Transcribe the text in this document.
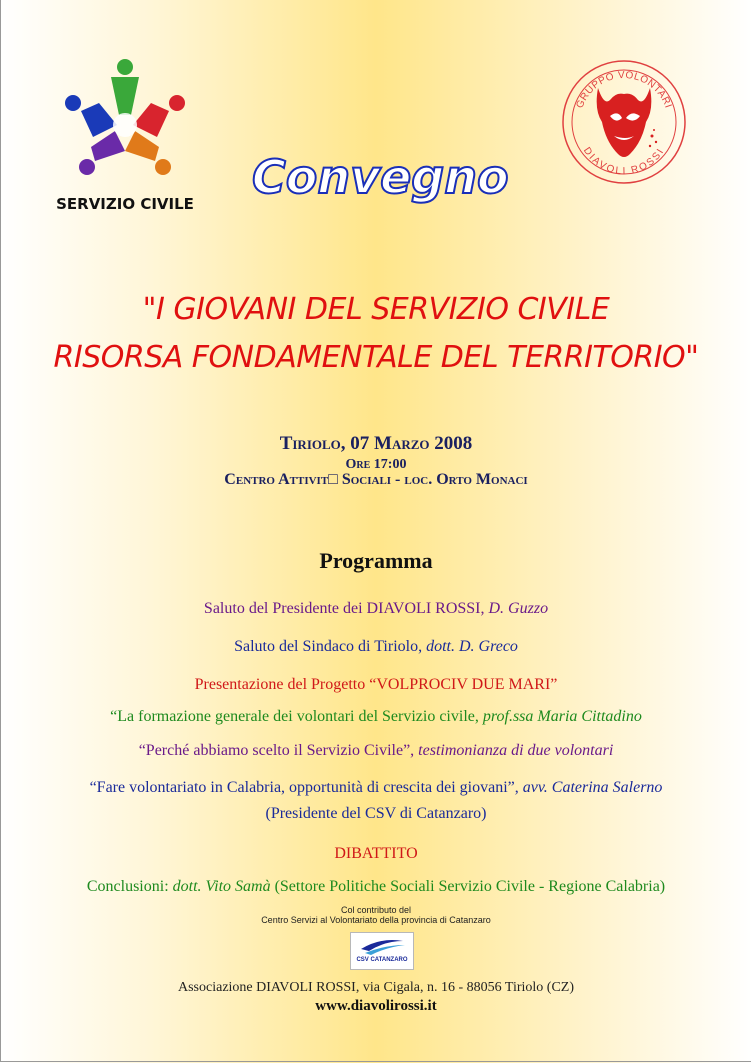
SERVIZIO CIVILE
GRUPPO VOLONTARI
DIAVOLI ROSSI
Convegno
"I GIOVANI DEL SERVIZIO CIVILE
RISORSA FONDAMENTALE DEL TERRITORIO"
Tiriolo, 07 Marzo 2008
Ore 17:00
Centro Attivit□ Sociali - loc. Orto Monaci
Programma
Saluto del Presidente dei DIAVOLI ROSSI, D. Guzzo
Saluto del Sindaco di Tiriolo, dott. D. Greco
Presentazione del Progetto “VOLPROCIV DUE MARI”
“La formazione generale dei volontari del Servizio civile, prof.ssa Maria Cittadino
“Perché abbiamo scelto il Servizio Civile”, testimonianza di due volontari
“Fare volontariato in Calabria, opportunità di crescita dei giovani”, avv. Caterina Salerno
(Presidente del CSV di Catanzaro)
DIBATTITO
Conclusioni: dott. Vito Samà (Settore Politiche Sociali Servizio Civile - Regione Calabria)
Col contributo del
Centro Servizi al Volontariato della provincia di Catanzaro
CSV CATANZARO
Associazione DIAVOLI ROSSI, via Cigala, n. 16 - 88056 Tiriolo (CZ)
www.diavolirossi.it
